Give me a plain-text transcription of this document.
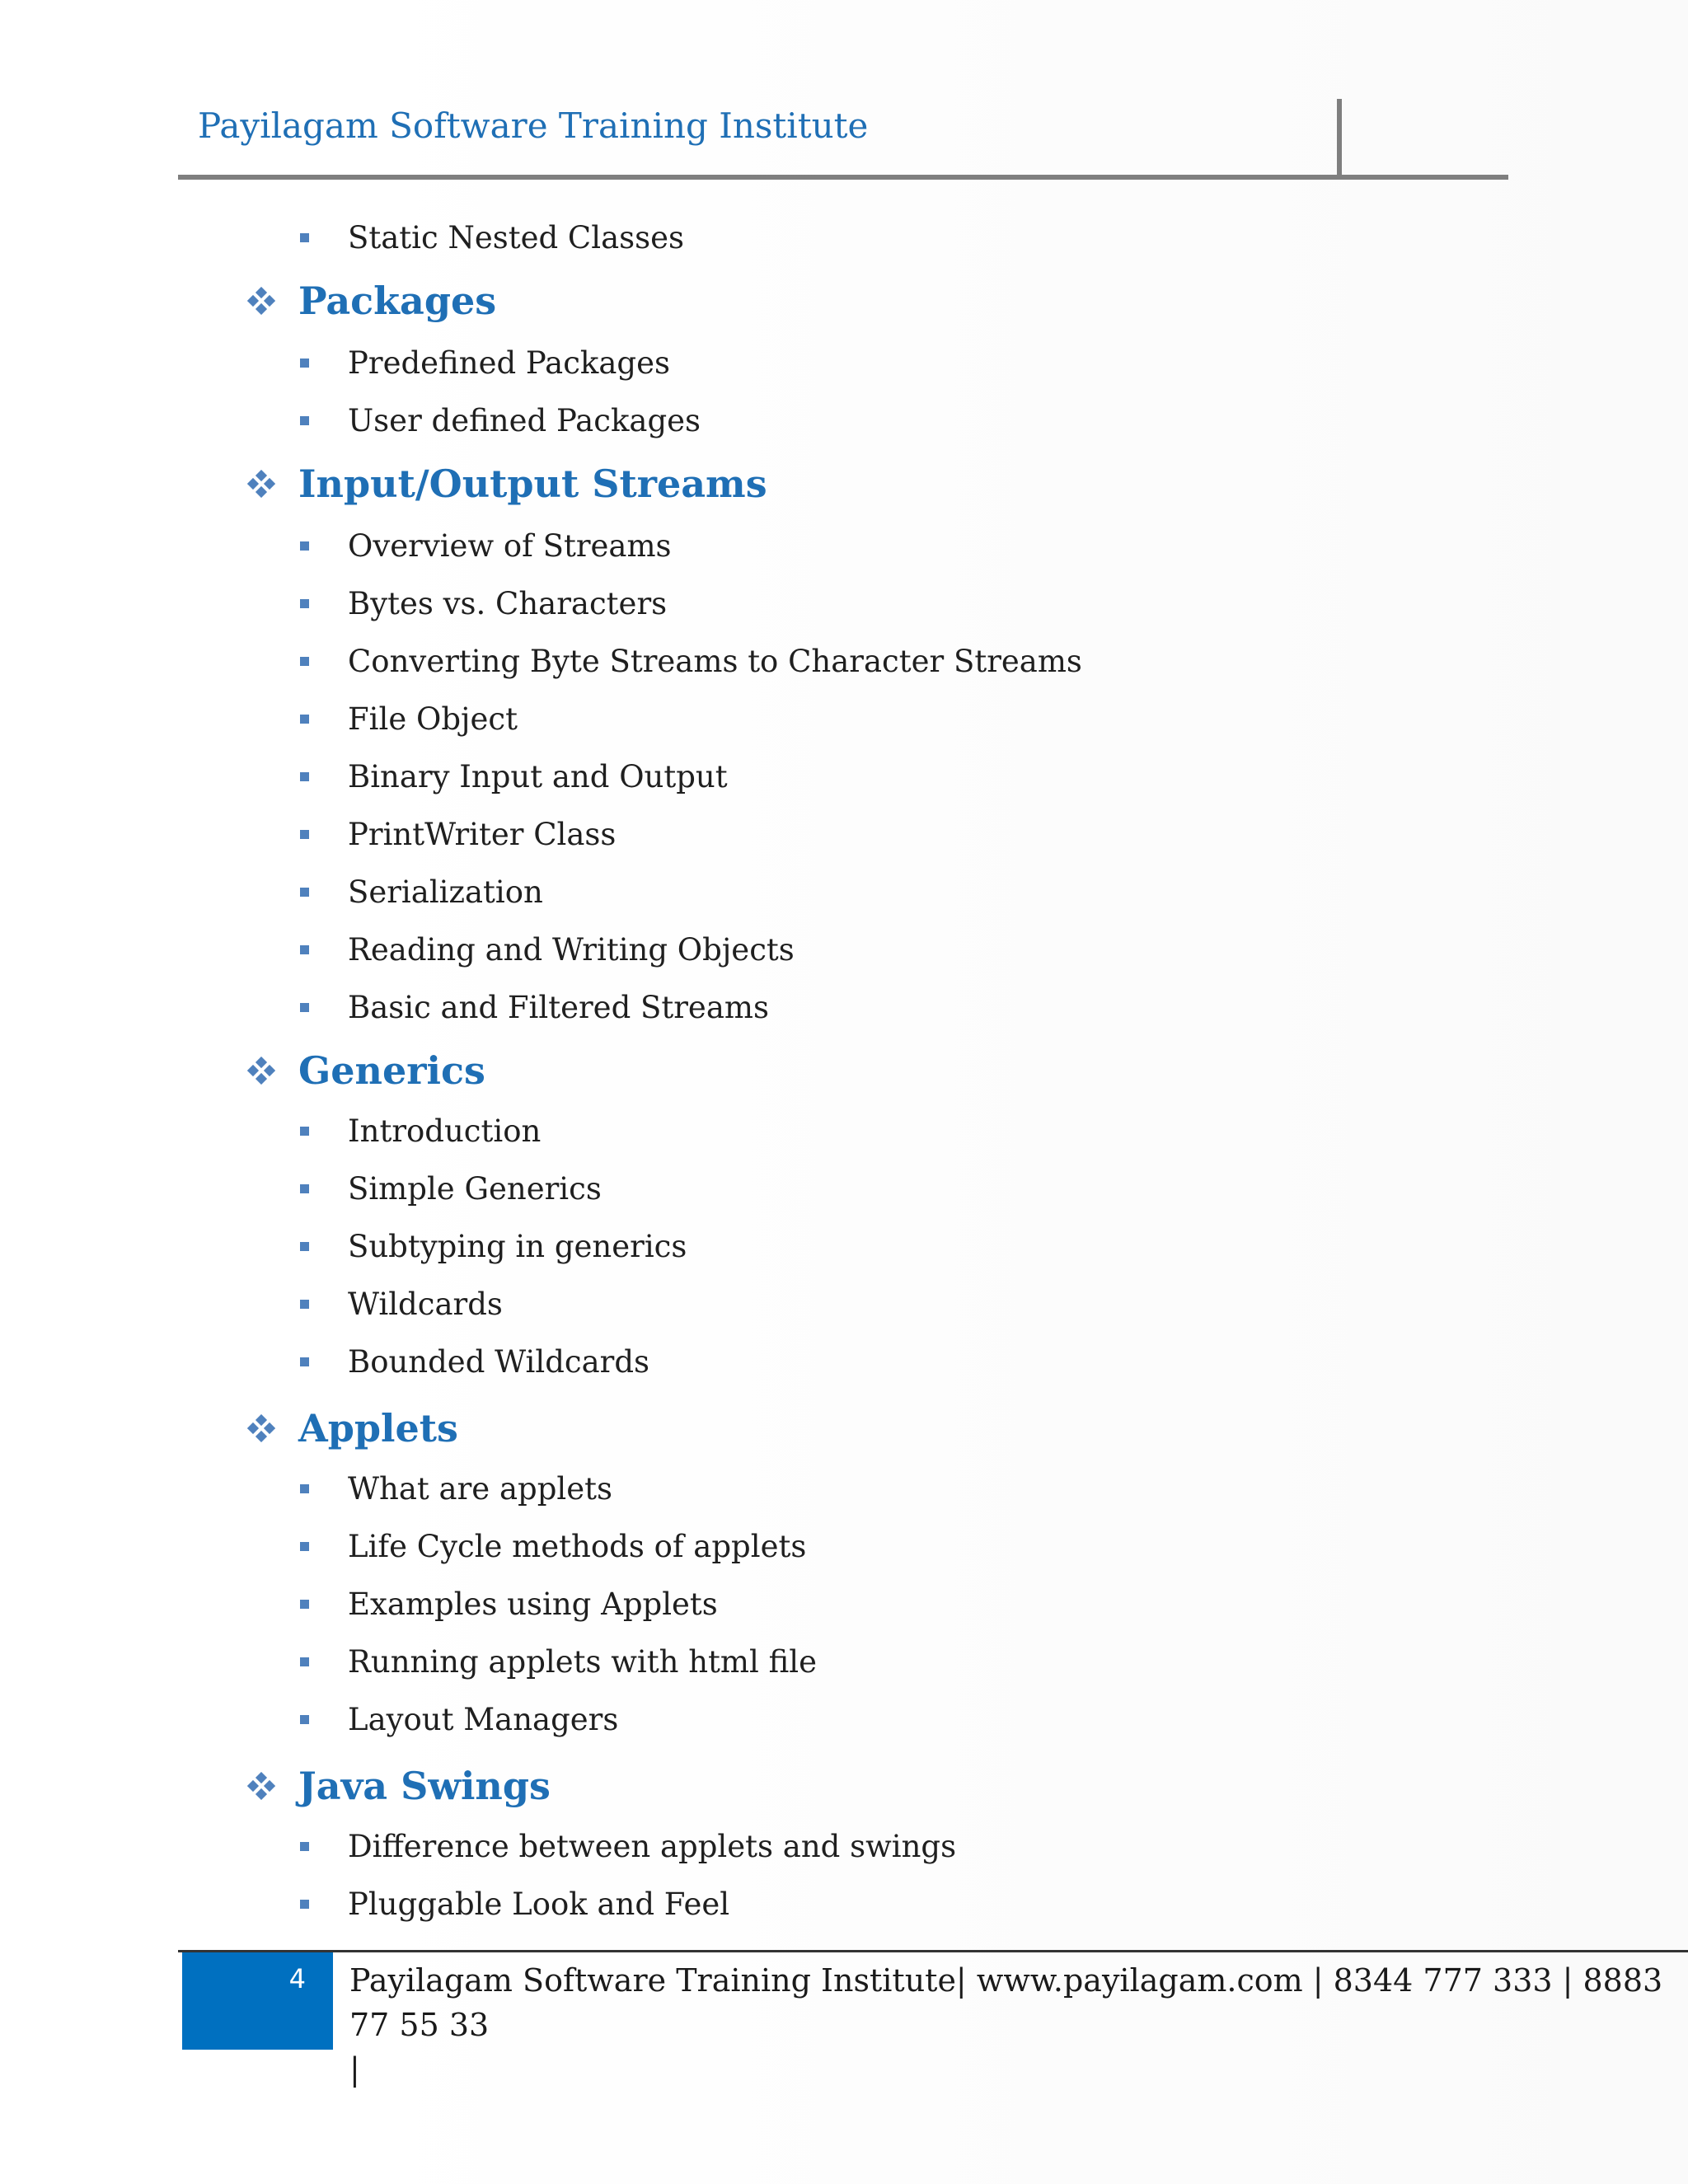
Payilagam Software Training Institute
Static Nested Classes
Packages
Predefined Packages
User defined Packages
Input/Output Streams
Overview of Streams
Bytes vs. Characters
Converting Byte Streams to Character Streams
File Object
Binary Input and Output
PrintWriter Class
Serialization
Reading and Writing Objects
Basic and Filtered Streams
Generics
Introduction
Simple Generics
Subtyping in generics
Wildcards
Bounded Wildcards
Applets
What are applets
Life Cycle methods of applets
Examples using Applets
Running applets with html file
Layout Managers
Java Swings
Difference between applets and swings
Pluggable Look and Feel
4 Payilagam Software Training Institute| www.payilagam.com | 8344 777 333 | 8883 77 55 33
|
